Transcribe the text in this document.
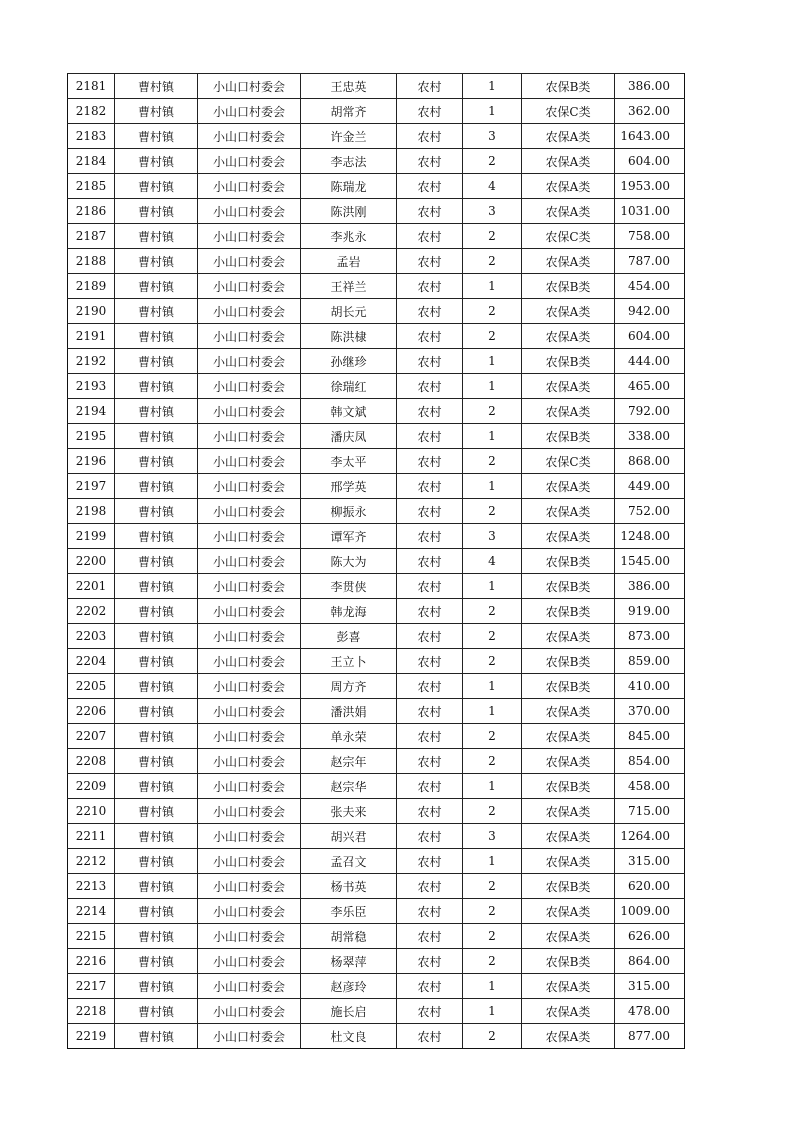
2181	曹村镇	小山口村委会	王忠英	农村	1	农保B类	386.00
2182	曹村镇	小山口村委会	胡常齐	农村	1	农保C类	362.00
2183	曹村镇	小山口村委会	许金兰	农村	3	农保A类	1643.00
2184	曹村镇	小山口村委会	李志法	农村	2	农保A类	604.00
2185	曹村镇	小山口村委会	陈瑞龙	农村	4	农保A类	1953.00
2186	曹村镇	小山口村委会	陈洪刚	农村	3	农保A类	1031.00
2187	曹村镇	小山口村委会	李兆永	农村	2	农保C类	758.00
2188	曹村镇	小山口村委会	孟岩	农村	2	农保A类	787.00
2189	曹村镇	小山口村委会	王祥兰	农村	1	农保B类	454.00
2190	曹村镇	小山口村委会	胡长元	农村	2	农保A类	942.00
2191	曹村镇	小山口村委会	陈洪棣	农村	2	农保A类	604.00
2192	曹村镇	小山口村委会	孙继珍	农村	1	农保B类	444.00
2193	曹村镇	小山口村委会	徐瑞红	农村	1	农保A类	465.00
2194	曹村镇	小山口村委会	韩文斌	农村	2	农保A类	792.00
2195	曹村镇	小山口村委会	潘庆凤	农村	1	农保B类	338.00
2196	曹村镇	小山口村委会	李太平	农村	2	农保C类	868.00
2197	曹村镇	小山口村委会	邢学英	农村	1	农保A类	449.00
2198	曹村镇	小山口村委会	柳振永	农村	2	农保A类	752.00
2199	曹村镇	小山口村委会	谭军齐	农村	3	农保A类	1248.00
2200	曹村镇	小山口村委会	陈大为	农村	4	农保B类	1545.00
2201	曹村镇	小山口村委会	李贯侠	农村	1	农保B类	386.00
2202	曹村镇	小山口村委会	韩龙海	农村	2	农保B类	919.00
2203	曹村镇	小山口村委会	彭喜	农村	2	农保A类	873.00
2204	曹村镇	小山口村委会	王立卜	农村	2	农保B类	859.00
2205	曹村镇	小山口村委会	周方齐	农村	1	农保B类	410.00
2206	曹村镇	小山口村委会	潘洪娟	农村	1	农保A类	370.00
2207	曹村镇	小山口村委会	单永荣	农村	2	农保A类	845.00
2208	曹村镇	小山口村委会	赵宗年	农村	2	农保A类	854.00
2209	曹村镇	小山口村委会	赵宗华	农村	1	农保B类	458.00
2210	曹村镇	小山口村委会	张夫来	农村	2	农保A类	715.00
2211	曹村镇	小山口村委会	胡兴君	农村	3	农保A类	1264.00
2212	曹村镇	小山口村委会	孟召文	农村	1	农保A类	315.00
2213	曹村镇	小山口村委会	杨书英	农村	2	农保B类	620.00
2214	曹村镇	小山口村委会	李乐臣	农村	2	农保A类	1009.00
2215	曹村镇	小山口村委会	胡常稳	农村	2	农保A类	626.00
2216	曹村镇	小山口村委会	杨翠萍	农村	2	农保B类	864.00
2217	曹村镇	小山口村委会	赵彦玲	农村	1	农保A类	315.00
2218	曹村镇	小山口村委会	施长启	农村	1	农保A类	478.00
2219	曹村镇	小山口村委会	杜文良	农村	2	农保A类	877.00
